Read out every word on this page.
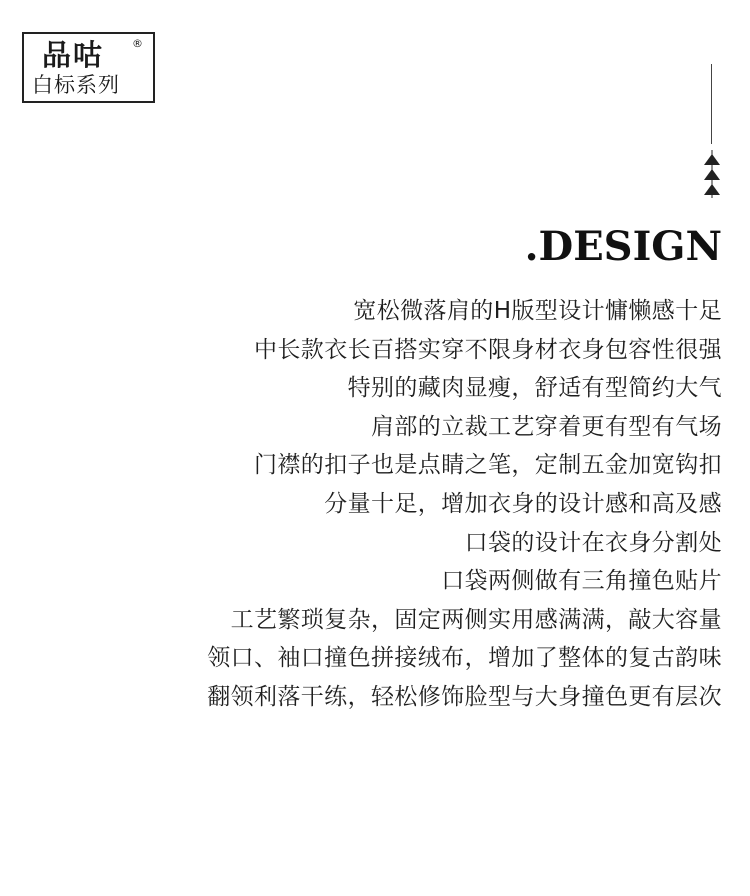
品咕	®
白标系列
.DESIGN
宽松微落肩的H版型设计慵懒感十足
中长款衣长百搭实穿不限身材衣身包容性很强
特别的藏肉显瘦，舒适有型简约大气
肩部的立裁工艺穿着更有型有气场
门襟的扣子也是点睛之笔，定制五金加宽钩扣
分量十足，增加衣身的设计感和高及感
口袋的设计在衣身分割处
口袋两侧做有三角撞色贴片
工艺繁琐复杂，固定两侧实用感满满，敲大容量
领口、袖口撞色拼接绒布，增加了整体的复古韵味
翻领利落干练，轻松修饰脸型与大身撞色更有层次
